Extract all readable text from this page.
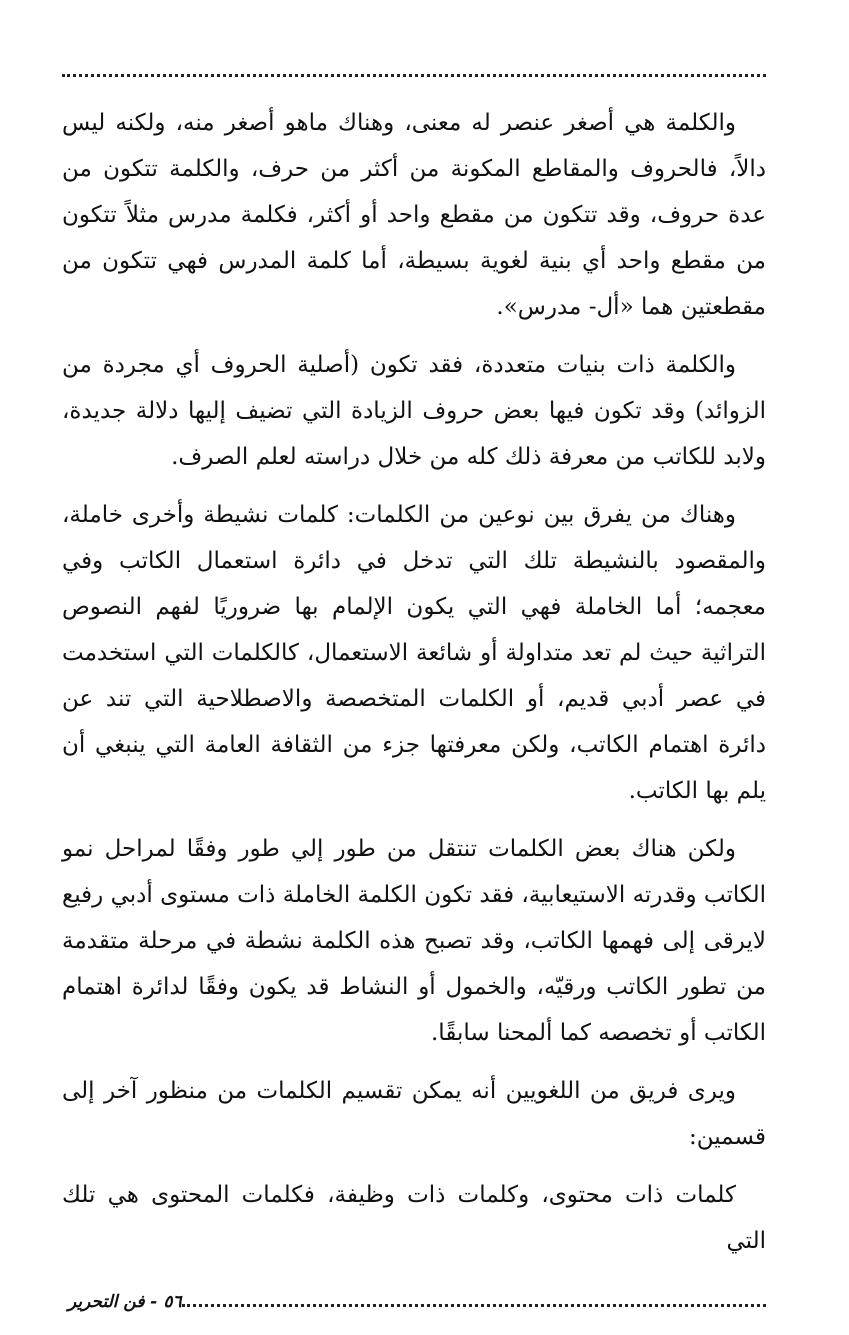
والكلمة هي أصغر عنصر له معنى، وهناك ماهو أصغر منه، ولكنه ليس دالاً، فالحروف والمقاطع المكونة من أكثر من حرف، والكلمة تتكون من عدة حروف، وقد تتكون من مقطع واحد أو أكثر، فكلمة مدرس مثلاً تتكون من مقطع واحد أي بنية لغوية بسيطة، أما كلمة المدرس فهي تتكون من مقطعتين هما «أل- مدرس».

والكلمة ذات بنيات متعددة، فقد تكون (أصلية الحروف أي مجردة من الزوائد) وقد تكون فيها بعض حروف الزيادة التي تضيف إليها دلالة جديدة، ولابد للكاتب من معرفة ذلك كله من خلال دراسته لعلم الصرف.

وهناك من يفرق بين نوعين من الكلمات: كلمات نشيطة وأخرى خاملة، والمقصود بالنشيطة تلك التي تدخل في دائرة استعمال الكاتب وفي معجمه؛ أما الخاملة فهي التي يكون الإلمام بها ضروريًا لفهم النصوص التراثية حيث لم تعد متداولة أو شائعة الاستعمال، كالكلمات التي استخدمت في عصر أدبي قديم، أو الكلمات المتخصصة والاصطلاحية التي تند عن دائرة اهتمام الكاتب، ولكن معرفتها جزء من الثقافة العامة التي ينبغي أن يلم بها الكاتب.

ولكن هناك بعض الكلمات تنتقل من طور إلي طور وفقًا لمراحل نمو الكاتب وقدرته الاستيعابية، فقد تكون الكلمة الخاملة ذات مستوى أدبي رفيع لايرقى إلى فهمها الكاتب، وقد تصبح هذه الكلمة نشطة في مرحلة متقدمة من تطور الكاتب ورقيّه، والخمول أو النشاط قد يكون وفقًا لدائرة اهتمام الكاتب أو تخصصه كما ألمحنا سابقًا.

ويرى فريق من اللغويين أنه يمكن تقسيم الكلمات من منظور آخر إلى قسمين:

كلمات ذات محتوى، وكلمات ذات وظيفة، فكلمات المحتوى هي تلك التي

٥٦ - فن التحرير
